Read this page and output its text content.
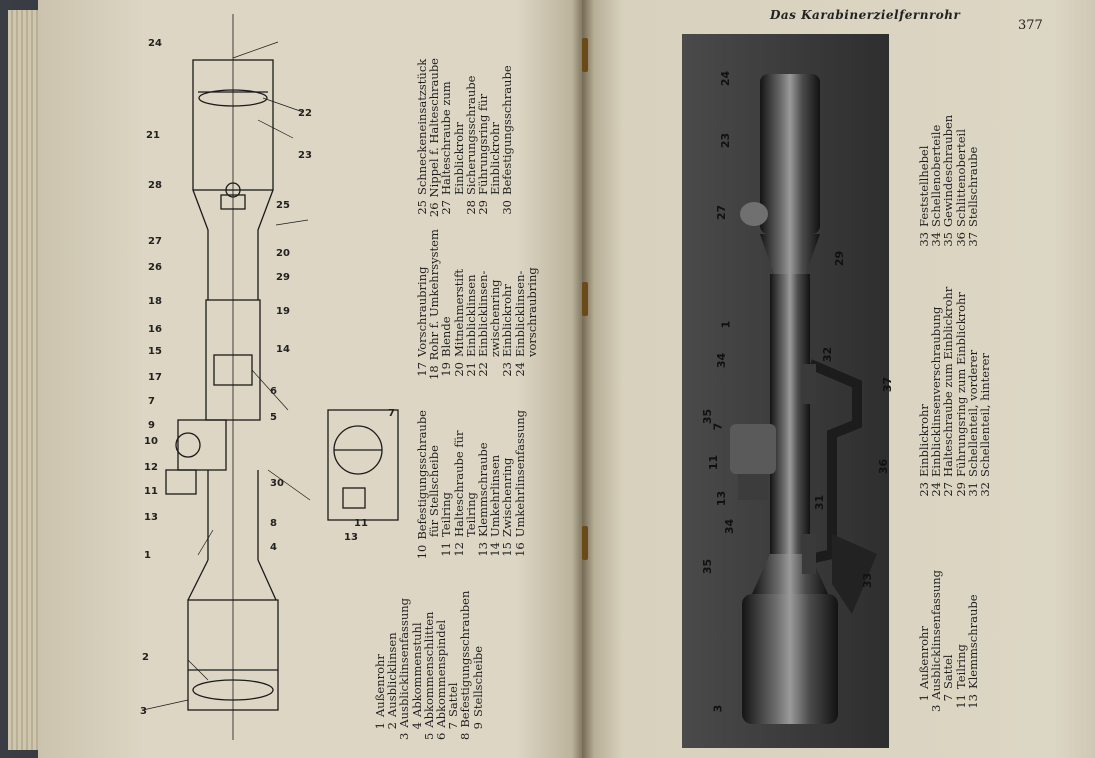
24
22
21
23
28
25
27
26
20
29
19
18
16
14
15
17
6
7
5
9
10
30
12
11
13
8
4
1
2
3
7
11
13
1
Außenrohr
2
Ausblicklinsen
3
Ausblicklinsenfassung
4
Abkommenstuhl
5
Abkommenschlitten
6
Abkommenspindel
7
Sattel
8
Befestigungsschrauben
9
Stellscheibe
10
Befestigungsschraube
für Stellscheibe
11
Teilring
12
Halteschraube für
Teilring
13
Klemmschraube
14
Umkehrlinsen
15
Zwischenring
16
Umkehrlinsenfassung
17
Vorschraubring
18
Rohr f. Umkehrsystem
19
Blende
20
Mitnehmerstift
21
Einblicklinsen
22
Einblicklinsen-
zwischenring
23
Einblickrohr
24
Einblicklinsen-
vorschraubring
25
Schneckeneinsatzstück
26
Nippel f. Halteschraube
27
Halteschraube zum
Einblickrohr
28
Sicherungsschraube
29
Führungsring für
Einblickrohr
30
Befestigungsschraube
Das Karabinerzielfernrohr
377
24
23
27
29
1
32
34
37
35
7
11	36
13	31
34
35
33
3
1
Außenrohr
3
Ausblicklinsenfassung
7
Sattel
11
Teilring
13
Klemmschraube
23
Einblickrohr
24
Einblicklinsenverschraubung
27
Halteschraube zum Einblickrohr
29
Führungsring zum Einblickrohr
31
Schellenteil, vorderer
32
Schellenteil, hinterer
33
Feststellhebel
34
Schellenoberteile
35
Gewindeschrauben
36
Schlittenoberteil
37
Stellschraube
